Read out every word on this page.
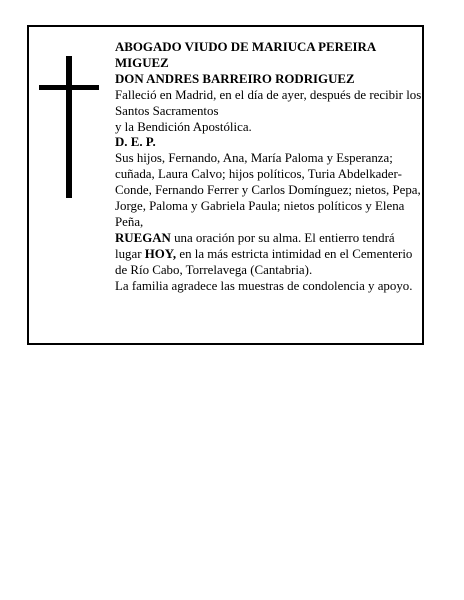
ABOGADO VIUDO DE MARIUCA PEREIRA MIGUEZ

DON ANDRES BARREIRO RODRIGUEZ

Falleció en Madrid, en el día de ayer, después de recibir los Santos Sacramentos

y la Bendición Apostólica.

D. E. P.

Sus hijos, Fernando, Ana, María Paloma y Esperanza; cuñada, Laura Calvo; hijos políticos, Turia Abdelkader-Conde, Fernando Ferrer y Carlos Domínguez; nietos, Pepa, Jorge, Paloma y Gabriela Paula; nietos políticos y Elena Peña,

RUEGAN una oración por su alma. El entierro tendrá lugar HOY, en la más estricta intimidad en el Cementerio de Río Cabo, Torrelavega (Cantabria).

La familia agradece las muestras de condolencia y apoyo.
